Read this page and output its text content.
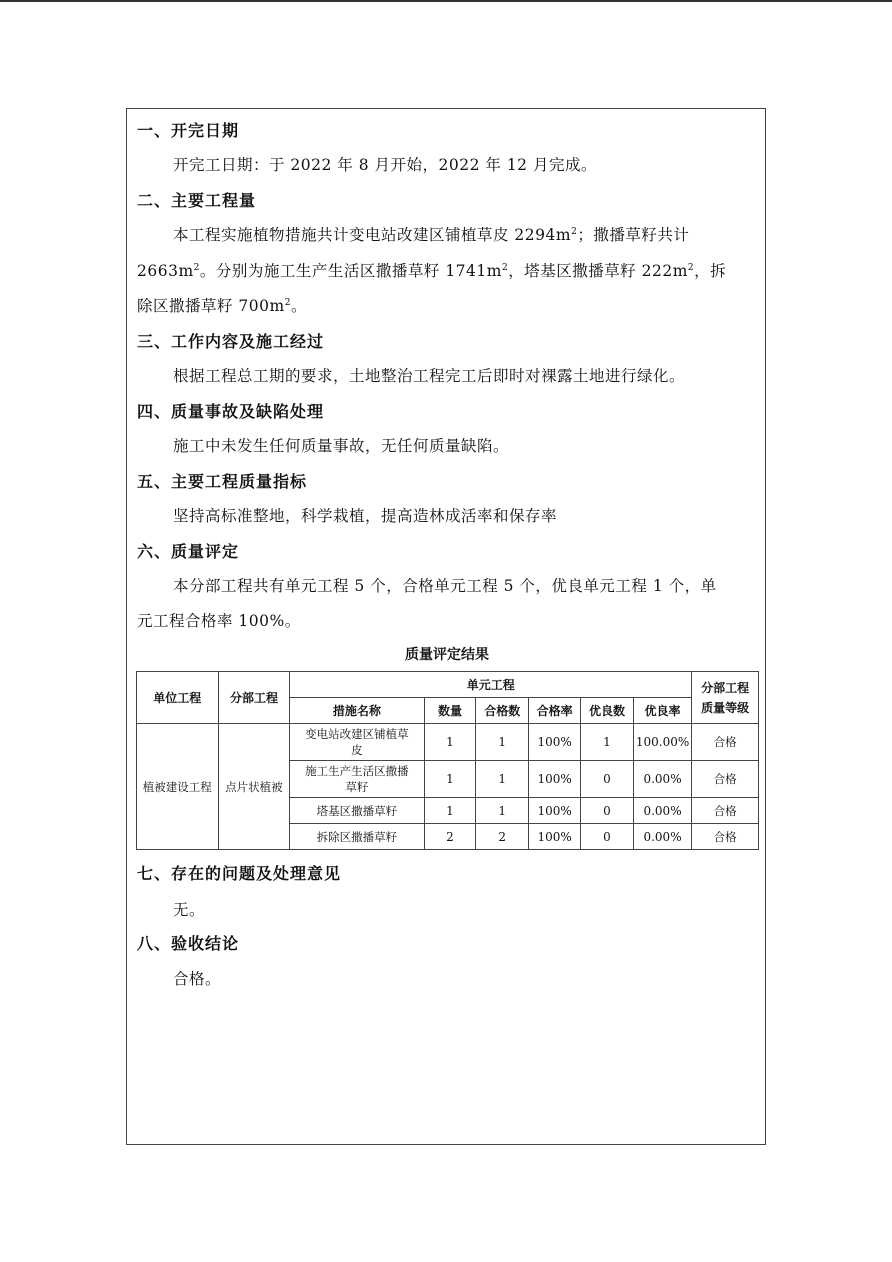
一、开完日期
开完工日期：于 2022 年 8 月开始，2022 年 12 月完成。
二、主要工程量
本工程实施植物措施共计变电站改建区铺植草皮 $2294m^2$；撒播草籽共计
$2663m^2$。分别为施工生产生活区撒播草籽 $1741m^2$，塔基区撒播草籽 $222m^2$，拆
除区撒播草籽 $700m^2$。
三、工作内容及施工经过
根据工程总工期的要求，土地整治工程完工后即时对裸露土地进行绿化。
四、质量事故及缺陷处理
施工中未发生任何质量事故，无任何质量缺陷。
五、主要工程质量指标
坚持高标准整地，科学栽植，提高造林成活率和保存率
六、质量评定
本分部工程共有单元工程 5 个，合格单元工程 5 个，优良单元工程 1 个，单
元工程合格率 100%。
质量评定结果
单位工程	分部工程	单元工程						分部工程
质量等级

		措施名称	数量	合格数	合格率	优良数	优良率	
植被建设工程	点片状植被	变电站改建区铺植草
皮	1	1	100%	1	100.00%	合格

		施工生产生活区撒播
草籽	1	1	100%	0	0.00%	合格
		塔基区撒播草籽	1	1	100%	0	0.00%	合格
		拆除区撒播草籽	2	2	100%	0	0.00%	合格
七、存在的问题及处理意见
无。
八、验收结论
合格。
